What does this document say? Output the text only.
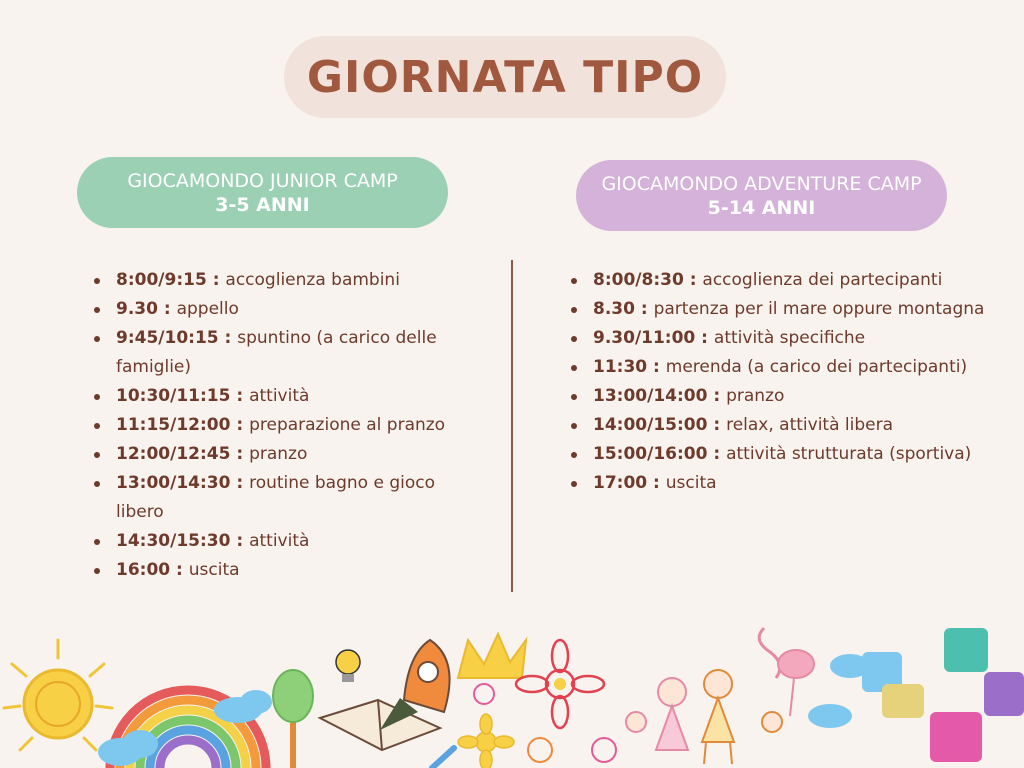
GIORNATA TIPO
GIOCAMONDO JUNIOR CAMP
3-5 ANNI
GIOCAMONDO ADVENTURE CAMP
5-14 ANNI
8:00/9:15 : accoglienza bambini
9.30 : appello
9:45/10:15 : spuntino (a carico delle famiglie)
10:30/11:15 : attività
11:15/12:00 : preparazione al pranzo
12:00/12:45 : pranzo
13:00/14:30 : routine bagno e gioco libero
14:30/15:30 : attività
16:00 : uscita
8:00/8:30 : accoglienza dei partecipanti
8.30 : partenza per il mare oppure montagna
9.30/11:00 : attività specifiche
11:30 : merenda (a carico dei partecipanti)
13:00/14:00 : pranzo
14:00/15:00 : relax, attività libera
15:00/16:00 : attività strutturata (sportiva)
17:00 : uscita
